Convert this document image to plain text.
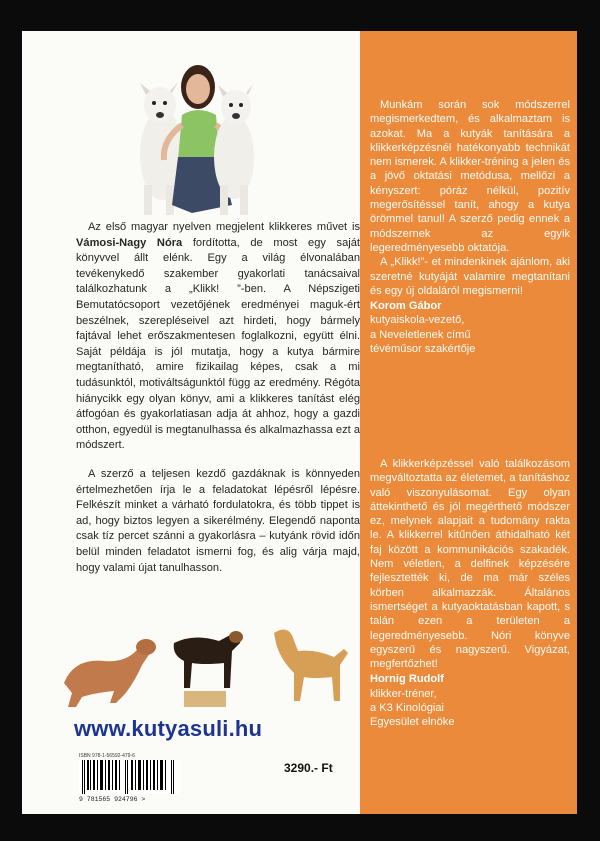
Az első magyar nyelven megjelent klikkeres művet is Vámosi-Nagy Nóra fordította, de most egy saját könyvvel állt elénk. Egy a világ élvonalában tevékenykedő szakember gyakorlati tanácsaival találkozhatunk a „Klikk! ”-ben. A Népszigeti Bemutatócsoport vezetőjének eredményei maguk-ért beszélnek, szerepléseivel azt hirdeti, hogy bármely fajtával lehet erőszakmentesen foglalkozni, együtt élni. Saját példája is jól mutatja, hogy a kutya bármire megtanítható, amire fizikailag képes, csak a mi tudásunktól, motiváltságunktól függ az eredmény. Régóta hiánycikk egy olyan könyv, ami a klikkeres tanítást elég átfogóan és gyakorlatiasan adja át ahhoz, hogy a gazdi otthon, egyedül is megtanulhassa és alkalmazhassa ezt a módszert.

A szerző a teljesen kezdő gazdáknak is könnyeden értelmezhetően írja le a feladatokat lépésről lépésre. Felkészít minket a várható fordulatokra, és több tippet is ad, hogy biztos legyen a sikerélmény. Elegendő naponta csak tíz percet szánni a gyakorlásra – kutyánk rövid időn belül minden feladatot ismerni fog, és alig várja majd, hogy valami újat tanulhasson.

www.kutyasuli.hu
ISBN 978-1-56592-479-6
9 781565 924796 >
3290.- Ft

Munkám során sok módszerrel megismerkedtem, és alkalmaztam is azokat. Ma a kutyák tanítására a klikkerképzésnél hatékonyabb technikát nem ismerek. A klikker-tréning a jelen és a jövő oktatási metódusa, mellőzi a kényszert: póráz nélkül, pozitív megerősítéssel tanít, ahogy a kutya örömmel tanul! A szerző pedig ennek a módszernek az egyik legeredményesebb oktatója.

A „Klikk!”- et mindenkinek ajánlom, aki szeretné kutyáját valamire megtanítani és egy új oldaláról megismerni!

Korom Gábor

kutyaiskola-vezető,

a Neveletlenek című

tévéműsor szakértője

A klikkerképzéssel való találkozásom megváltoztatta az életemet, a tanításhoz való viszonyulásomat. Egy olyan áttekinthető és jól megérthető módszer ez, melynek alapjait a tudomány rakta le. A klikkerrel kitűnően áthidalható két faj között a kommunikációs szakadék. Nem véletlen, a delfinek képzésére fejlesztették ki, de ma már széles körben alkalmazzák. Általános ismertséget a kutyaoktatásban kapott, s talán ezen a területen a legeredményesebb. Nóri könyve egyszerű és nagyszerű. Vigyázat, megfertőzhet!

Hornig Rudolf

klikker-tréner,

a K3 Kinológiai

Egyesület elnöke
